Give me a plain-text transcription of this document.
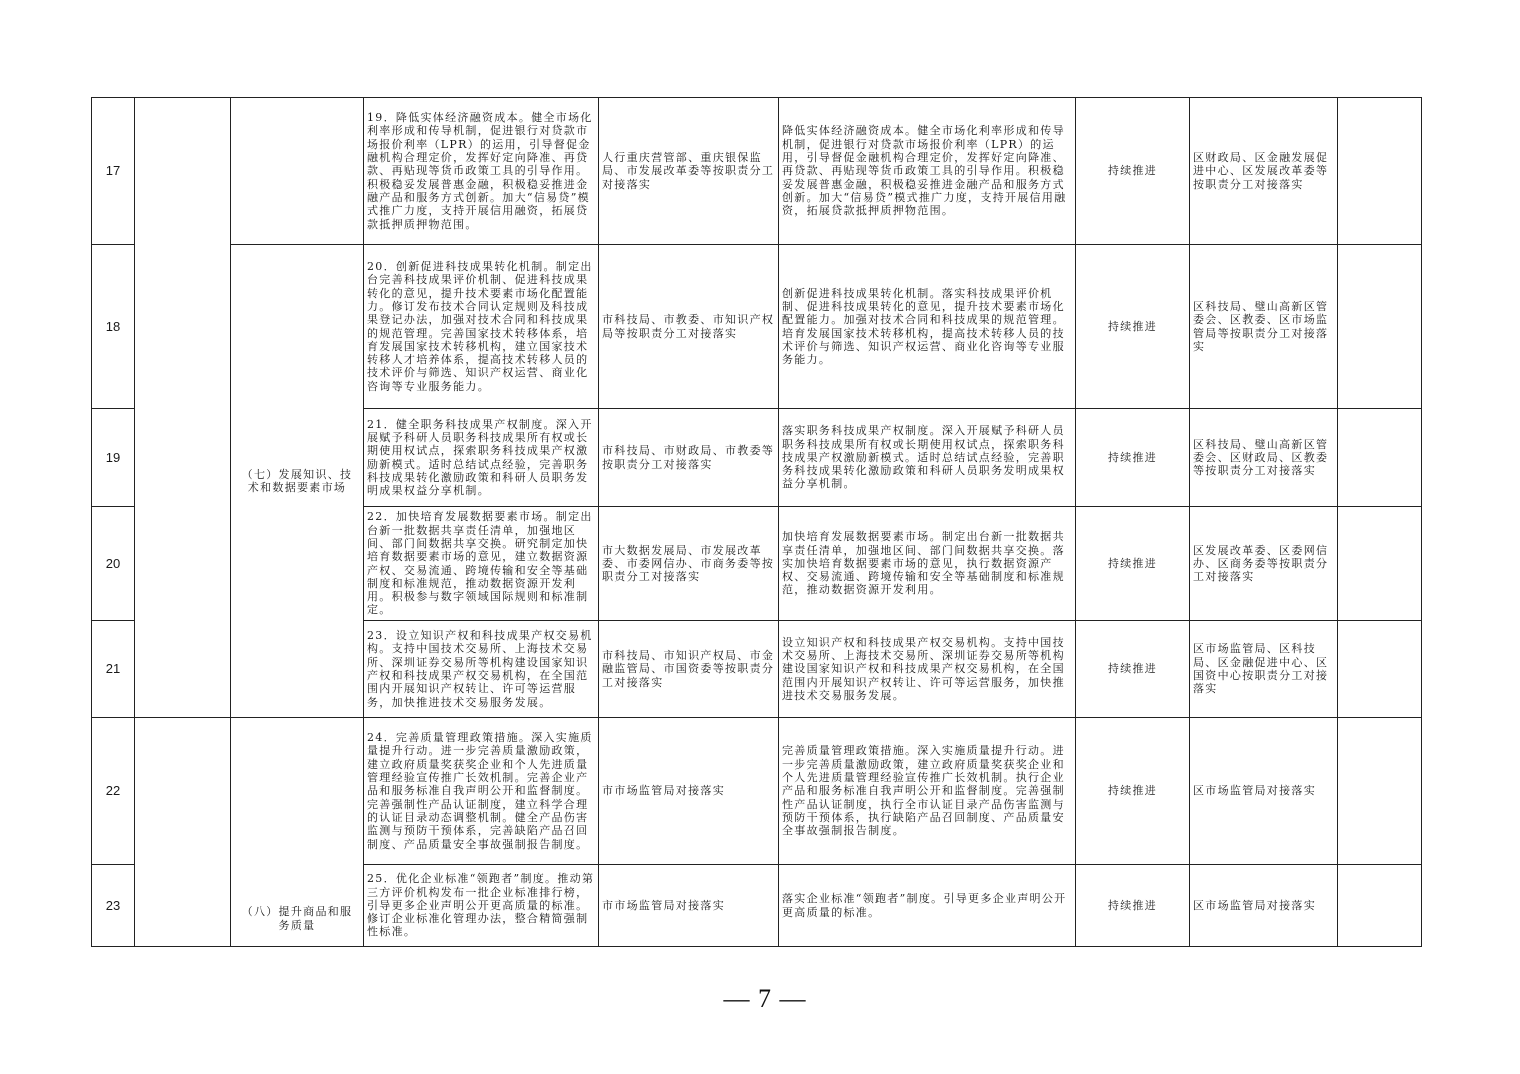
（七）发展知识、技术和数据要素市场
（八）提升商品和服务质量
17
19．降低实体经济融资成本。健全市场化利率形成和传导机制，促进银行对贷款市场报价利率（LPR）的运用，引导督促金融机构合理定价，发挥好定向降准、再贷款、再贴现等货币政策工具的引导作用。积极稳妥发展普惠金融，积极稳妥推进金融产品和服务方式创新。加大“信易贷”模式推广力度，支持开展信用融资，拓展贷款抵押质押物范围。
人行重庆营管部、重庆银保监局、市发展改革委等按职责分工对接落实
降低实体经济融资成本。健全市场化利率形成和传导机制，促进银行对贷款市场报价利率（LPR）的运用，引导督促金融机构合理定价，发挥好定向降准、再贷款、再贴现等货币政策工具的引导作用。积极稳妥发展普惠金融，积极稳妥推进金融产品和服务方式创新。加大“信易贷”模式推广力度，支持开展信用融资，拓展贷款抵押质押物范围。
持续推进
区财政局、区金融发展促进中心、区发展改革委等按职责分工对接落实
18
20．创新促进科技成果转化机制。制定出台完善科技成果评价机制、促进科技成果转化的意见，提升技术要素市场化配置能力。修订发布技术合同认定规则及科技成果登记办法，加强对技术合同和科技成果的规范管理。完善国家技术转移体系，培育发展国家技术转移机构，建立国家技术转移人才培养体系，提高技术转移人员的技术评价与筛选、知识产权运营、商业化咨询等专业服务能力。
市科技局、市教委、市知识产权局等按职责分工对接落实
创新促进科技成果转化机制。落实科技成果评价机制、促进科技成果转化的意见，提升技术要素市场化配置能力。加强对技术合同和科技成果的规范管理。培育发展国家技术转移机构，提高技术转移人员的技术评价与筛选、知识产权运营、商业化咨询等专业服务能力。
持续推进
区科技局、璧山高新区管委会、区教委、区市场监管局等按职责分工对接落实
19
21．健全职务科技成果产权制度。深入开展赋予科研人员职务科技成果所有权或长期使用权试点，探索职务科技成果产权激励新模式。适时总结试点经验，完善职务科技成果转化激励政策和科研人员职务发明成果权益分享机制。
市科技局、市财政局、市教委等按职责分工对接落实
落实职务科技成果产权制度。深入开展赋予科研人员职务科技成果所有权或长期使用权试点，探索职务科技成果产权激励新模式。适时总结试点经验，完善职务科技成果转化激励政策和科研人员职务发明成果权益分享机制。
持续推进
区科技局、璧山高新区管委会、区财政局、区教委等按职责分工对接落实
20
22．加快培育发展数据要素市场。制定出台新一批数据共享责任清单，加强地区间、部门间数据共享交换。研究制定加快培育数据要素市场的意见，建立数据资源产权、交易流通、跨境传输和安全等基础制度和标准规范，推动数据资源开发利用。积极参与数字领域国际规则和标准制定。
市大数据发展局、市发展改革委、市委网信办、市商务委等按职责分工对接落实
加快培育发展数据要素市场。制定出台新一批数据共享责任清单，加强地区间、部门间数据共享交换。落实加快培育数据要素市场的意见，执行数据资源产权、交易流通、跨境传输和安全等基础制度和标准规范，推动数据资源开发利用。
持续推进
区发展改革委、区委网信办、区商务委等按职责分工对接落实
21
23．设立知识产权和科技成果产权交易机构。支持中国技术交易所、上海技术交易所、深圳证券交易所等机构建设国家知识产权和科技成果产权交易机构，在全国范围内开展知识产权转让、许可等运营服务，加快推进技术交易服务发展。
市科技局、市知识产权局、市金融监管局、市国资委等按职责分工对接落实
设立知识产权和科技成果产权交易机构。支持中国技术交易所、上海技术交易所、深圳证券交易所等机构建设国家知识产权和科技成果产权交易机构，在全国范围内开展知识产权转让、许可等运营服务，加快推进技术交易服务发展。
持续推进
区市场监管局、区科技局、区金融促进中心、区国资中心按职责分工对接落实
22
24．完善质量管理政策措施。深入实施质量提升行动。进一步完善质量激励政策，建立政府质量奖获奖企业和个人先进质量管理经验宣传推广长效机制。完善企业产品和服务标准自我声明公开和监督制度。完善强制性产品认证制度，建立科学合理的认证目录动态调整机制。健全产品伤害监测与预防干预体系，完善缺陷产品召回制度、产品质量安全事故强制报告制度。
市市场监管局对接落实
完善质量管理政策措施。深入实施质量提升行动。进一步完善质量激励政策，建立政府质量奖获奖企业和个人先进质量管理经验宣传推广长效机制。执行企业产品和服务标准自我声明公开和监督制度。完善强制性产品认证制度，执行全市认证目录产品伤害监测与预防干预体系，执行缺陷产品召回制度、产品质量安全事故强制报告制度。
持续推进	区市场监管局对接落实
23
25．优化企业标准“领跑者”制度。推动第三方评价机构发布一批企业标准排行榜，引导更多企业声明公开更高质量的标准。修订企业标准化管理办法，整合精简强制性标准。
市市场监管局对接落实
落实企业标准“领跑者”制度。引导更多企业声明公开更高质量的标准。
持续推进	区市场监管局对接落实
— 7 —
